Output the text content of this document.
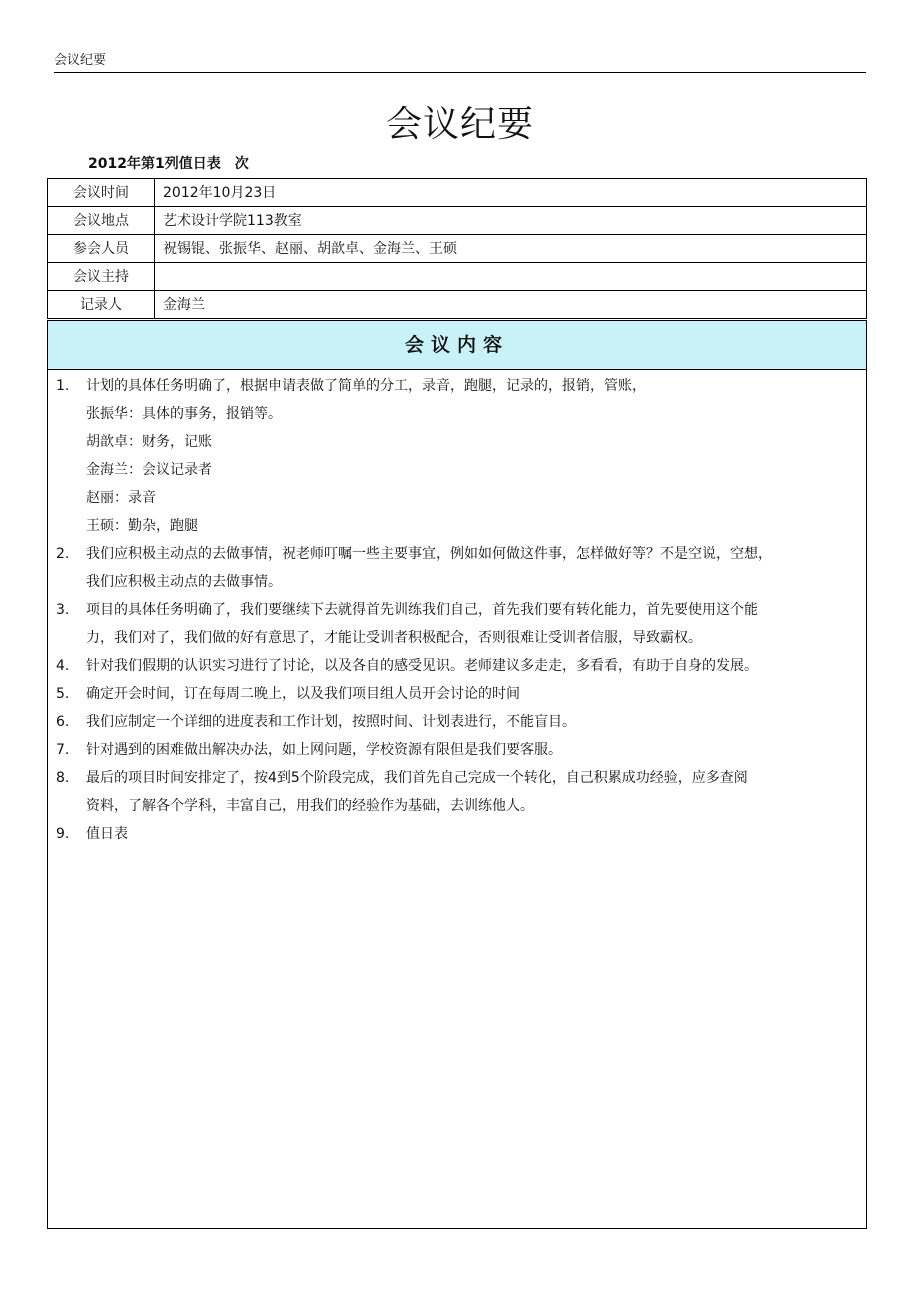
会议纪要
会议纪要
2012年第1列值日表　次
会议时间	2012年10月23日
会议地点	艺术设计学院113教室
参会人员	祝锡锟、张振华、赵丽、胡歆卓、金海兰、王硕
会议主持	
记录人	金海兰
会议内容
1. 计划的具体任务明确了，根据申请表做了简单的分工，录音，跑腿，记录的，报销，管账，
张振华：具体的事务，报销等。
胡歆卓：财务，记账
金海兰：会议记录者
赵丽：录音
王硕：勤杂，跑腿
2. 我们应积极主动点的去做事情，祝老师叮嘱一些主要事宜，例如如何做这件事，怎样做好等？不是空说，空想，
我们应积极主动点的去做事情。
3. 项目的具体任务明确了，我们要继续下去就得首先训练我们自己，首先我们要有转化能力，首先要使用这个能
力，我们对了，我们做的好有意思了，才能让受训者积极配合，否则很难让受训者信服，导致霸权。
4. 针对我们假期的认识实习进行了讨论，以及各自的感受见识。老师建议多走走，多看看，有助于自身的发展。
5. 确定开会时间，订在每周二晚上，以及我们项目组人员开会讨论的时间
6. 我们应制定一个详细的进度表和工作计划，按照时间、计划表进行，不能盲目。
7. 针对遇到的困难做出解决办法，如上网问题，学校资源有限但是我们要客服。
8. 最后的项目时间安排定了，按4到5个阶段完成，我们首先自己完成一个转化，自己积累成功经验，应多查阅
资料，了解各个学科，丰富自己，用我们的经验作为基础，去训练他人。
9. 值日表
